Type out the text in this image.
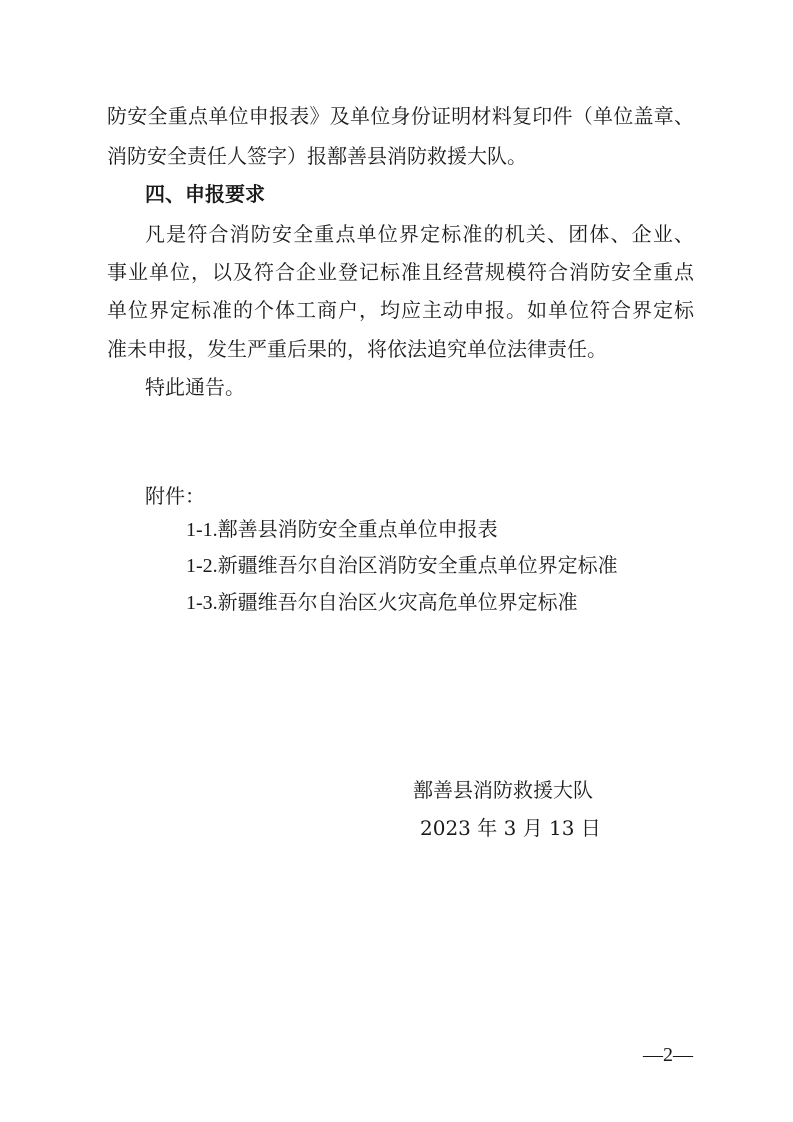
防安全重点单位申报表》及单位身份证明材料复印件（单位盖章、

消防安全责任人签字）报鄯善县消防救援大队。

四、申报要求

凡是符合消防安全重点单位界定标准的机关、团体、企业、

事业单位，以及符合企业登记标准且经营规模符合消防安全重点

单位界定标准的个体工商户，均应主动申报。如单位符合界定标

准未申报，发生严重后果的，将依法追究单位法律责任。

特此通告。

附件：

1-1.鄯善县消防安全重点单位申报表

1-2.新疆维吾尔自治区消防安全重点单位界定标准

1-3.新疆维吾尔自治区火灾高危单位界定标准

鄯善县消防救援大队

2023 年 3 月 13 日

—2—
